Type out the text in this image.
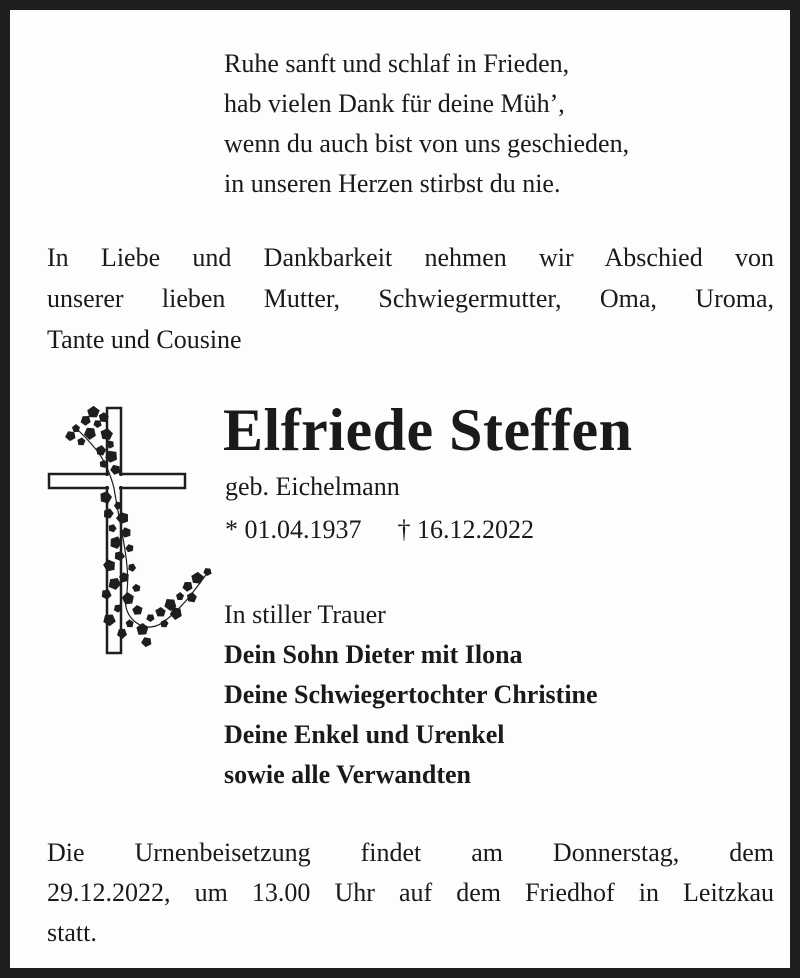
Ruhe sanft und schlaf in Frieden,
hab vielen Dank für deine Müh’,
wenn du auch bist von uns geschieden,
in unseren Herzen stirbst du nie.
In Liebe und Dankbarkeit nehmen wir Abschied von
unserer lieben Mutter, Schwiegermutter, Oma, Uroma,
Tante und Cousine
Elfriede Steffen
geb. Eichelmann
* 01.04.1937 † 16.12.2022
In stiller Trauer
Dein Sohn Dieter mit Ilona
Deine Schwiegertochter Christine
Deine Enkel und Urenkel
sowie alle Verwandten
Die Urnenbeisetzung findet am Donnerstag, dem
29.12.2022, um 13.00 Uhr auf dem Friedhof in Leitzkau
statt.
